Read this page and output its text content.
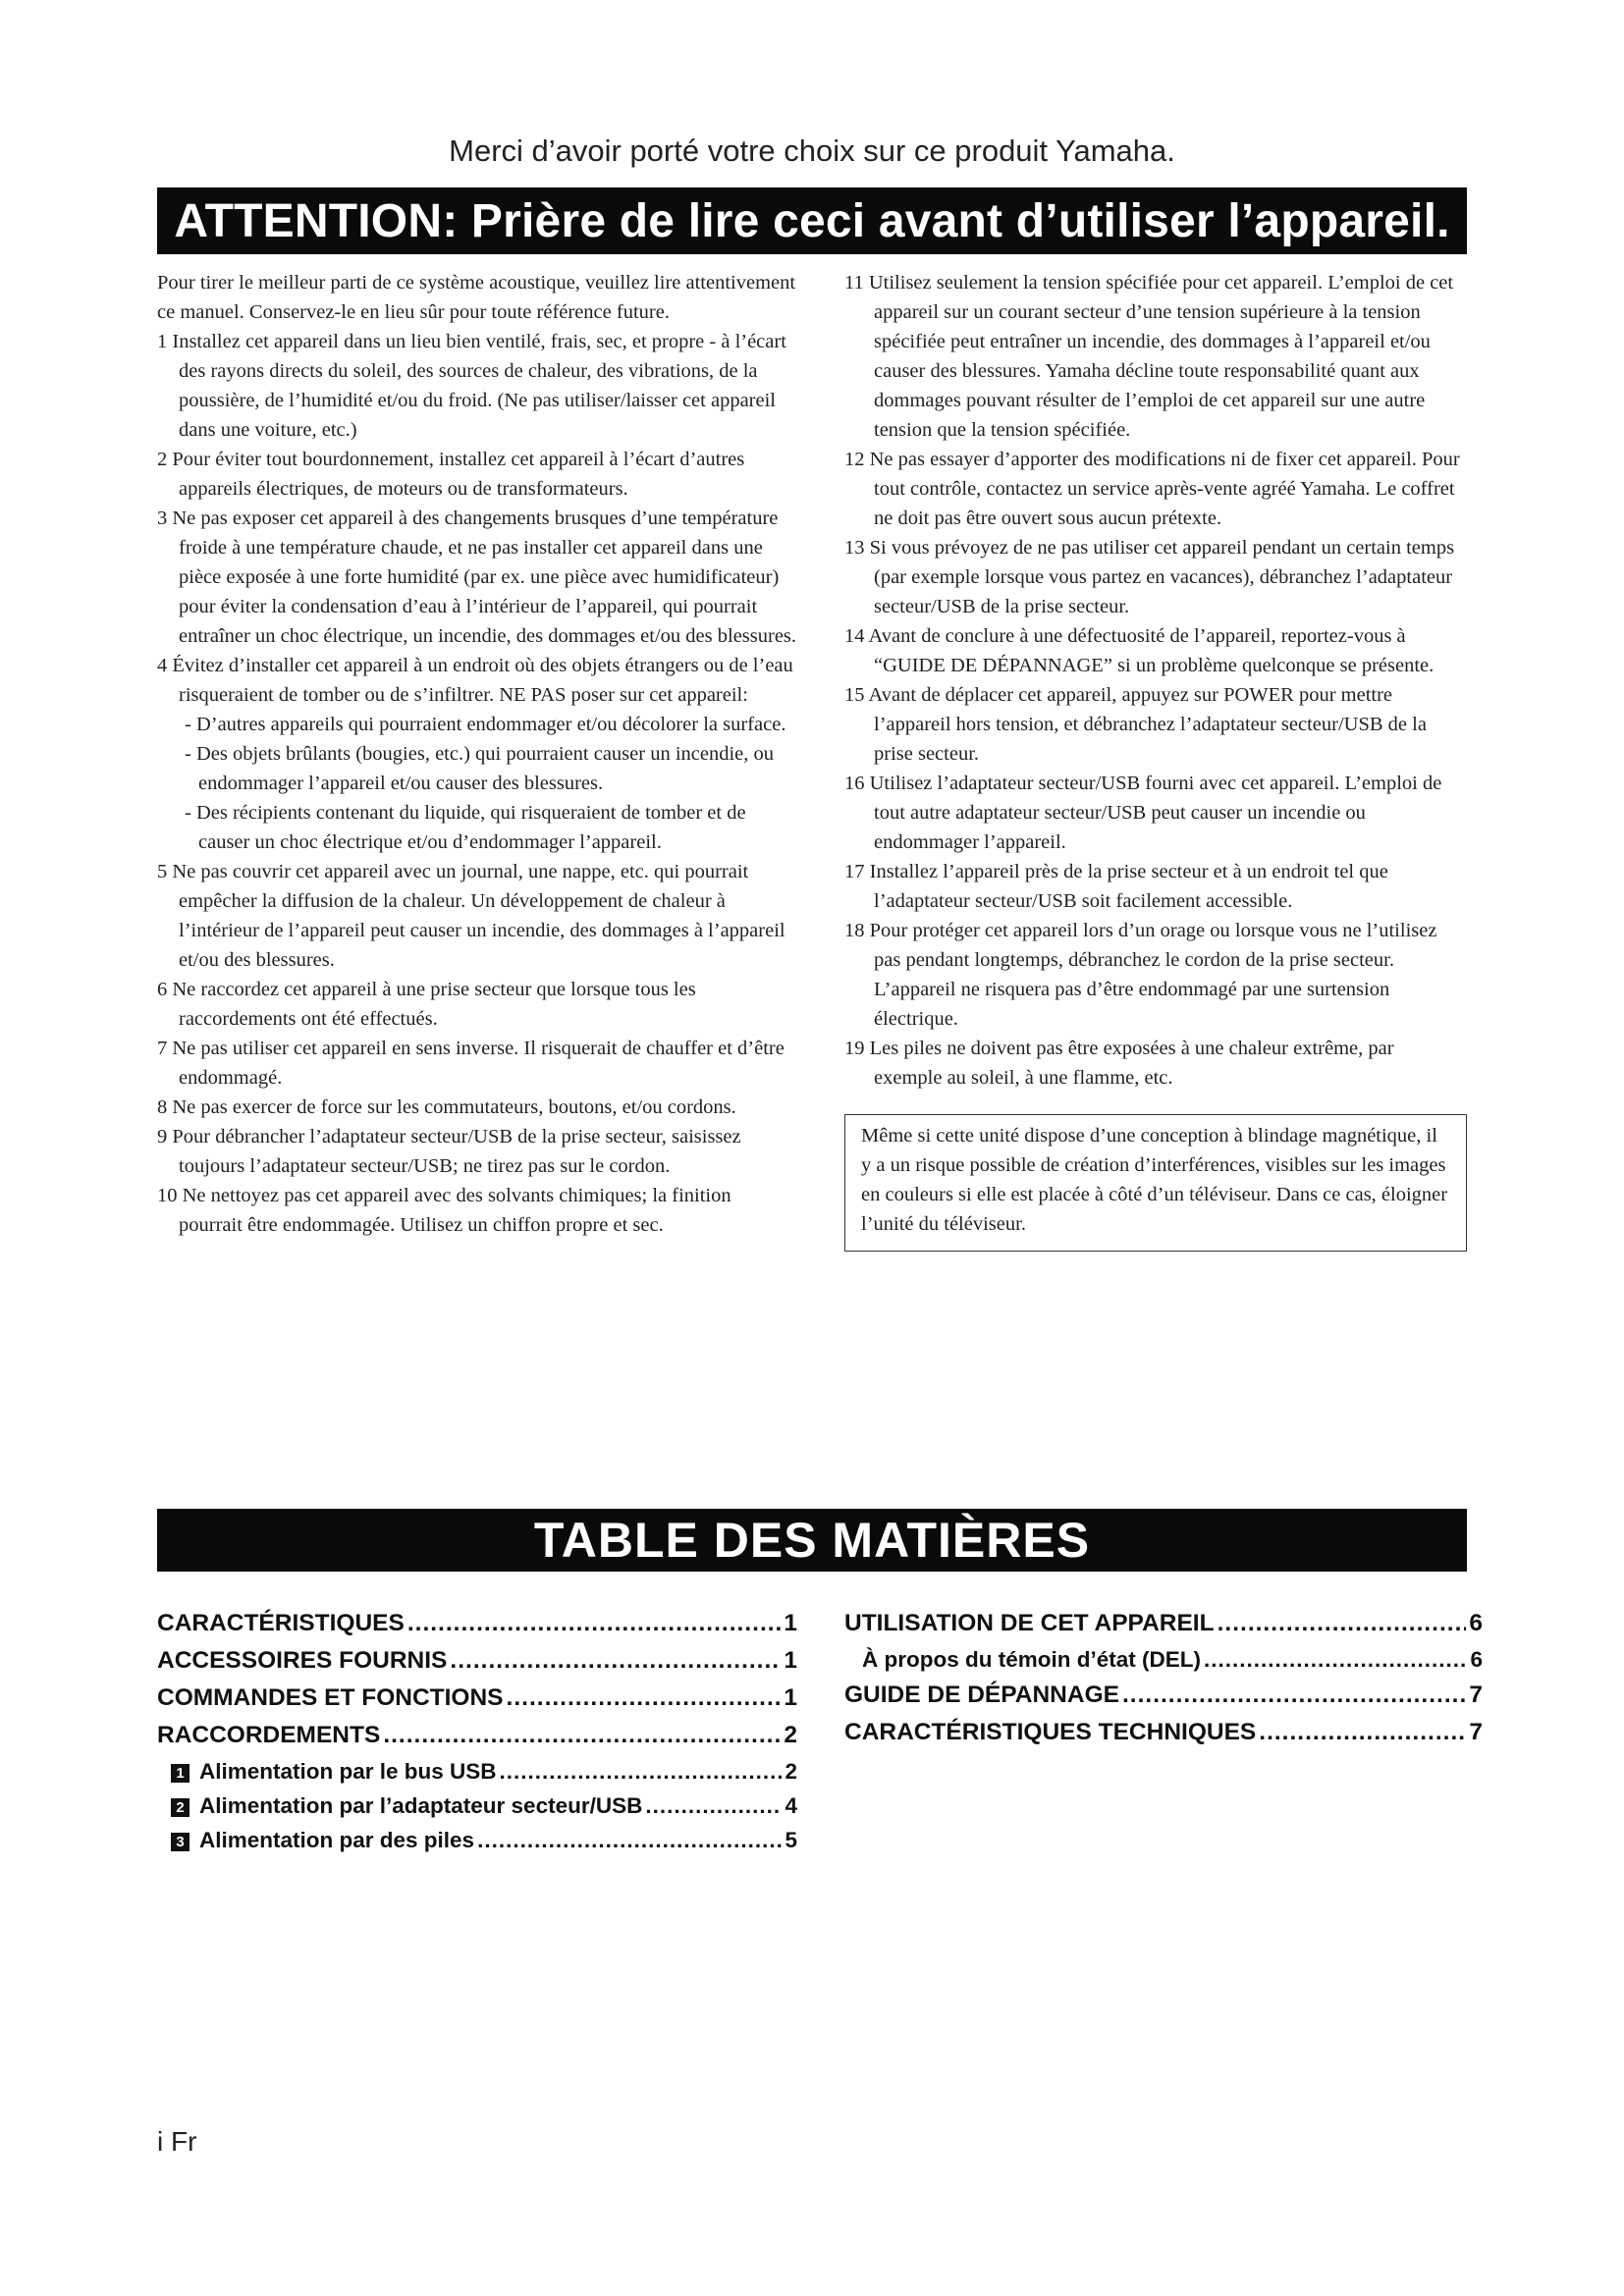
Merci d’avoir porté votre choix sur ce produit Yamaha.
ATTENTION: Prière de lire ceci avant d’utiliser l’appareil.

Pour tirer le meilleur parti de ce système acoustique, veuillez lire attentivement ce manuel. Conservez-le en lieu sûr pour toute référence future.

1 Installez cet appareil dans un lieu bien ventilé, frais, sec, et propre - à l’écart des rayons directs du soleil, des sources de chaleur, des vibrations, de la poussière, de l’humidité et/ou du froid. (Ne pas utiliser/laisser cet appareil dans une voiture, etc.)

2 Pour éviter tout bourdonnement, installez cet appareil à l’écart d’autres appareils électriques, de moteurs ou de transformateurs.

3 Ne pas exposer cet appareil à des changements brusques d’une température froide à une température chaude, et ne pas installer cet appareil dans une pièce exposée à une forte humidité (par ex. une pièce avec humidificateur) pour éviter la condensation d’eau à l’intérieur de l’appareil, qui pourrait entraîner un choc électrique, un incendie, des dommages et/ou des blessures.

4 Évitez d’installer cet appareil à un endroit où des objets étrangers ou de l’eau risqueraient de tomber ou de s’infiltrer. NE PAS poser sur cet appareil:

- D’autres appareils qui pourraient endommager et/ou décolorer la surface.

- Des objets brûlants (bougies, etc.) qui pourraient causer un incendie, ou endommager l’appareil et/ou causer des blessures.

- Des récipients contenant du liquide, qui risqueraient de tomber et de causer un choc électrique et/ou d’endommager l’appareil.

5 Ne pas couvrir cet appareil avec un journal, une nappe, etc. qui pourrait empêcher la diffusion de la chaleur. Un développement de chaleur à l’intérieur de l’appareil peut causer un incendie, des dommages à l’appareil et/ou des blessures.

6 Ne raccordez cet appareil à une prise secteur que lorsque tous les raccordements ont été effectués.

7 Ne pas utiliser cet appareil en sens inverse. Il risquerait de chauffer et d’être endommagé.

8 Ne pas exercer de force sur les commutateurs, boutons, et/ou cordons.

9 Pour débrancher l’adaptateur secteur/USB de la prise secteur, saisissez toujours l’adaptateur secteur/USB; ne tirez pas sur le cordon.

10 Ne nettoyez pas cet appareil avec des solvants chimiques; la finition pourrait être endommagée. Utilisez un chiffon propre et sec.

11 Utilisez seulement la tension spécifiée pour cet appareil. L’emploi de cet appareil sur un courant secteur d’une tension supérieure à la tension spécifiée peut entraîner un incendie, des dommages à l’appareil et/ou causer des blessures. Yamaha décline toute responsabilité quant aux dommages pouvant résulter de l’emploi de cet appareil sur une autre tension que la tension spécifiée.

12 Ne pas essayer d’apporter des modifications ni de fixer cet appareil. Pour tout contrôle, contactez un service après-vente agréé Yamaha. Le coffret ne doit pas être ouvert sous aucun prétexte.

13 Si vous prévoyez de ne pas utiliser cet appareil pendant un certain temps (par exemple lorsque vous partez en vacances), débranchez l’adaptateur secteur/USB de la prise secteur.

14 Avant de conclure à une défectuosité de l’appareil, reportez-vous à “GUIDE DE DÉPANNAGE” si un problème quelconque se présente.

15 Avant de déplacer cet appareil, appuyez sur POWER pour mettre l’appareil hors tension, et débranchez l’adaptateur secteur/USB de la prise secteur.

16 Utilisez l’adaptateur secteur/USB fourni avec cet appareil. L’emploi de tout autre adaptateur secteur/USB peut causer un incendie ou endommager l’appareil.

17 Installez l’appareil près de la prise secteur et à un endroit tel que l’adaptateur secteur/USB soit facilement accessible.

18 Pour protéger cet appareil lors d’un orage ou lorsque vous ne l’utilisez pas pendant longtemps, débranchez le cordon de la prise secteur. L’appareil ne risquera pas d’être endommagé par une surtension électrique.

19 Les piles ne doivent pas être exposées à une chaleur extrême, par exemple au soleil, à une flamme, etc.

Même si cette unité dispose d’une conception à blindage magnétique, il y a un risque possible de création d’interférences, visibles sur les images en couleurs si elle est placée à côté d’un téléviseur. Dans ce cas, éloigner l’unité du téléviseur.
TABLE DES MATIÈRES
CARACTÉRISTIQUES .....	1
ACCESSOIRES FOURNIS .....	1
COMMANDES ET FONCTIONS .....	1
RACCORDEMENTS .....	2
1 Alimentation par le bus USB .....	2
2 Alimentation par l’adaptateur secteur/USB .....	4
3 Alimentation par des piles .....	5
UTILISATION DE CET APPAREIL .....	6
À propos du témoin d’état (DEL) .....	6
GUIDE DE DÉPANNAGE .....	7
CARACTÉRISTIQUES TECHNIQUES .....	7
i Fr
